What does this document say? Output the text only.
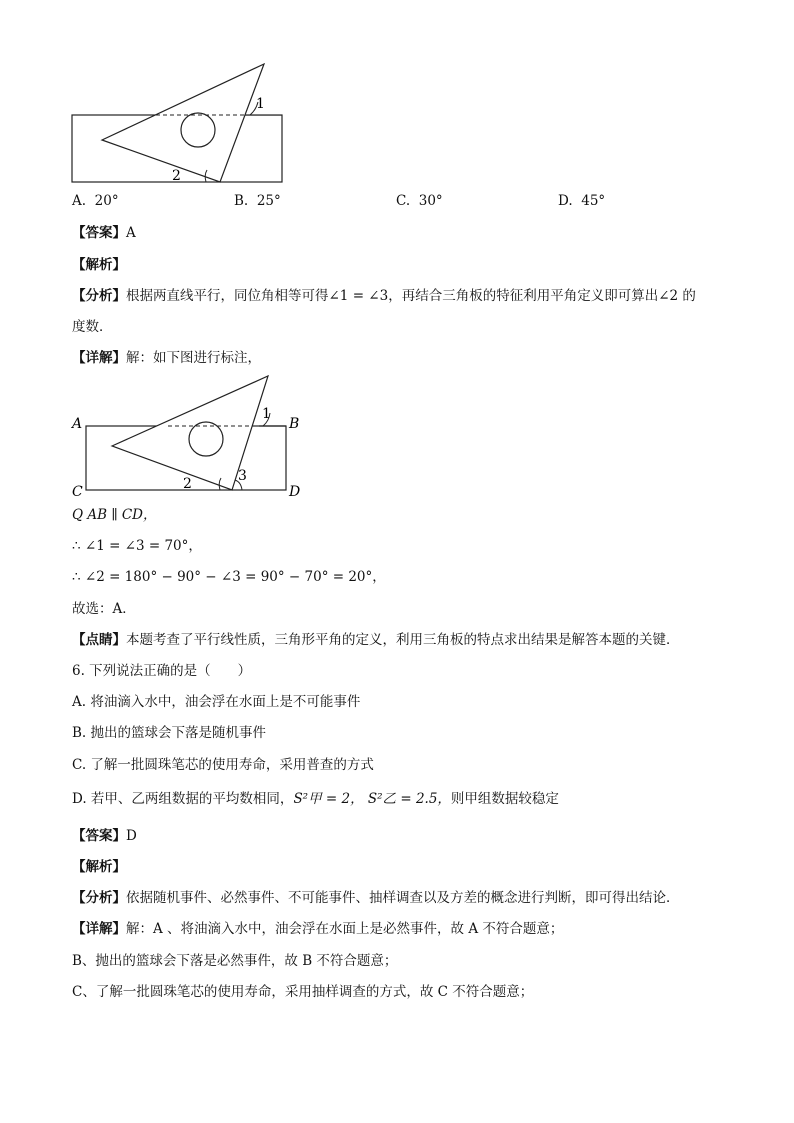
1
2
A. 20°	B. 25°	C. 30°	D. 45°
【答案】A
【解析】
【分析】根据两直线平行，同位角相等可得∠1 = ∠3，再结合三角板的特征利用平角定义即可算出∠2 的
度数．
【详解】解：如下图进行标注，
A	B
C	D
1
2	3
Q AB ∥ CD，
∴ ∠1 = ∠3 = 70°，
∴ ∠2 = 180° − 90° − ∠3 = 90° − 70° = 20°，
故选：A．
【点睛】本题考查了平行线性质，三角形平角的定义，利用三角板的特点求出结果是解答本题的关键．
6. 下列说法正确的是（　　）
A. 将油滴入水中，油会浮在水面上是不可能事件
B. 抛出的篮球会下落是随机事件
C. 了解一批圆珠笔芯的使用寿命，采用普查的方式
D. 若甲、乙两组数据的平均数相同，S²甲 = 2， S²乙 = 2.5，则甲组数据较稳定
【答案】D
【解析】
【分析】依据随机事件、必然事件、不可能事件、抽样调查以及方差的概念进行判断，即可得出结论．
【详解】解：A 、将油滴入水中，油会浮在水面上是必然事件，故 A 不符合题意；
B、抛出的篮球会下落是必然事件，故 B 不符合题意；
C、了解一批圆珠笔芯的使用寿命，采用抽样调查的方式，故 C 不符合题意；
